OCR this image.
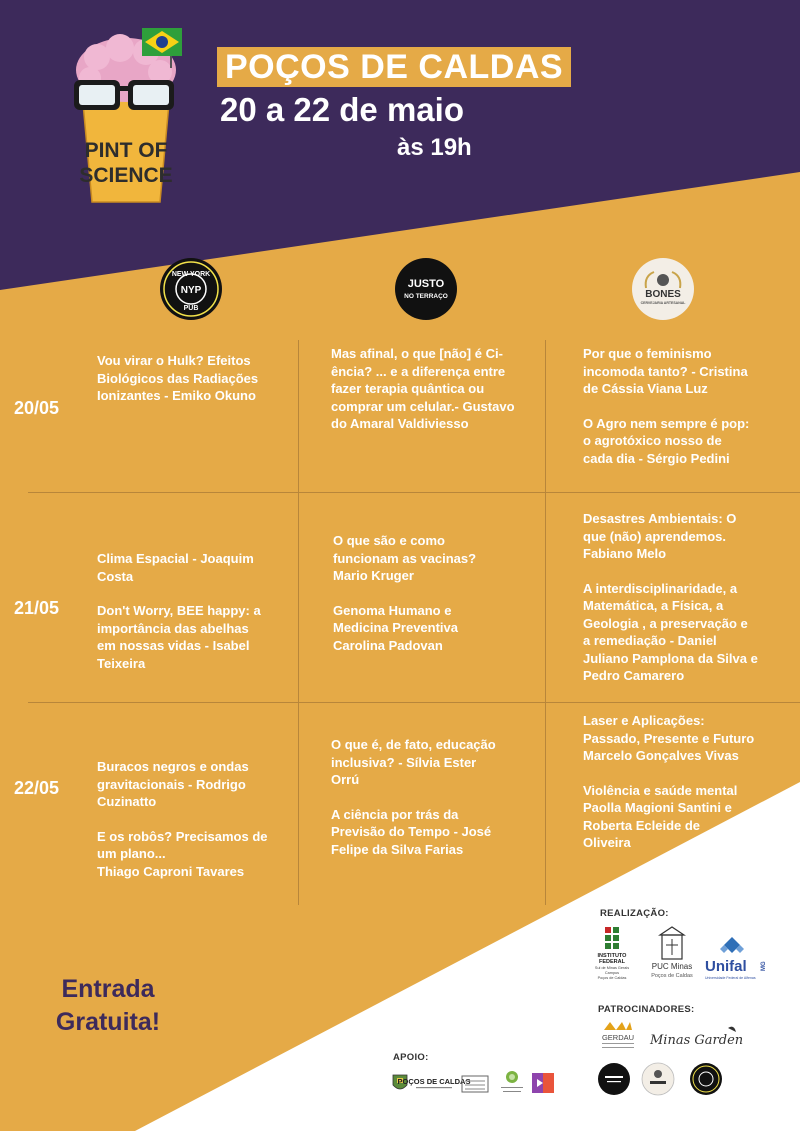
PINT OF
SCIENCE
POÇOS DE CALDAS
20 a 22 de maio
às 19h
NEW YORK
NYP
PUB
JUSTO
NO TERRAÇO	BONES
CERVEJARIA ARTESANAL
20/05

Vou virar o Hulk? Efeitos
Biológicos das Radiações
Ionizantes - Emiko Okuno

Mas afinal, o que [não] é Ci-
ência? ... e a diferença entre
fazer terapia quântica ou
comprar um celular.- Gustavo
do Amaral Valdiviesso

Por que o feminismo
incomoda tanto? - Cristina
de Cássia Viana Luz

O Agro nem sempre é pop:
o agrotóxico nosso de
cada dia - Sérgio Pedini

21/05

Clima Espacial - Joaquim
Costa

Don't Worry, BEE happy: a
importância das abelhas
em nossas vidas - Isabel
Teixeira

O que são e como
funcionam as vacinas?
Mario Kruger

Genoma Humano e
Medicina Preventiva
Carolina Padovan

Desastres Ambientais: O
que (não) aprendemos.
Fabiano Melo

A interdisciplinaridade, a
Matemática, a Física, a
Geologia , a preservação e
a remediação - Daniel
Juliano Pamplona da Silva e
Pedro Camarero

22/05

Buracos negros e ondas
gravitacionais - Rodrigo
Cuzinatto

E os robôs? Precisamos de
um plano...
Thiago Caproni Tavares

O que é, de fato, educação
inclusiva? - Sílvia Ester
Orrú

A ciência por trás da
Previsão do Tempo - José
Felipe da Silva Farias

Laser e Aplicações:
Passado, Presente e Futuro
Marcelo Gonçalves Vivas

Violência e saúde mental
Paolla Magioni Santini e
Roberta Ecleide de
Oliveira

Entrada Gratuita!
REALIZAÇÃO:
INSTITUTO
FEDERAL
Sul de Minas Gerais
Campus
Poços de Caldas
PUC Minas
Poços de Caldas
Unifal MG
Universidade Federal de Alfenas
PATROCINADORES:
GERDAU Minas Garden
APOIO:
POÇOS DE CALDAS
